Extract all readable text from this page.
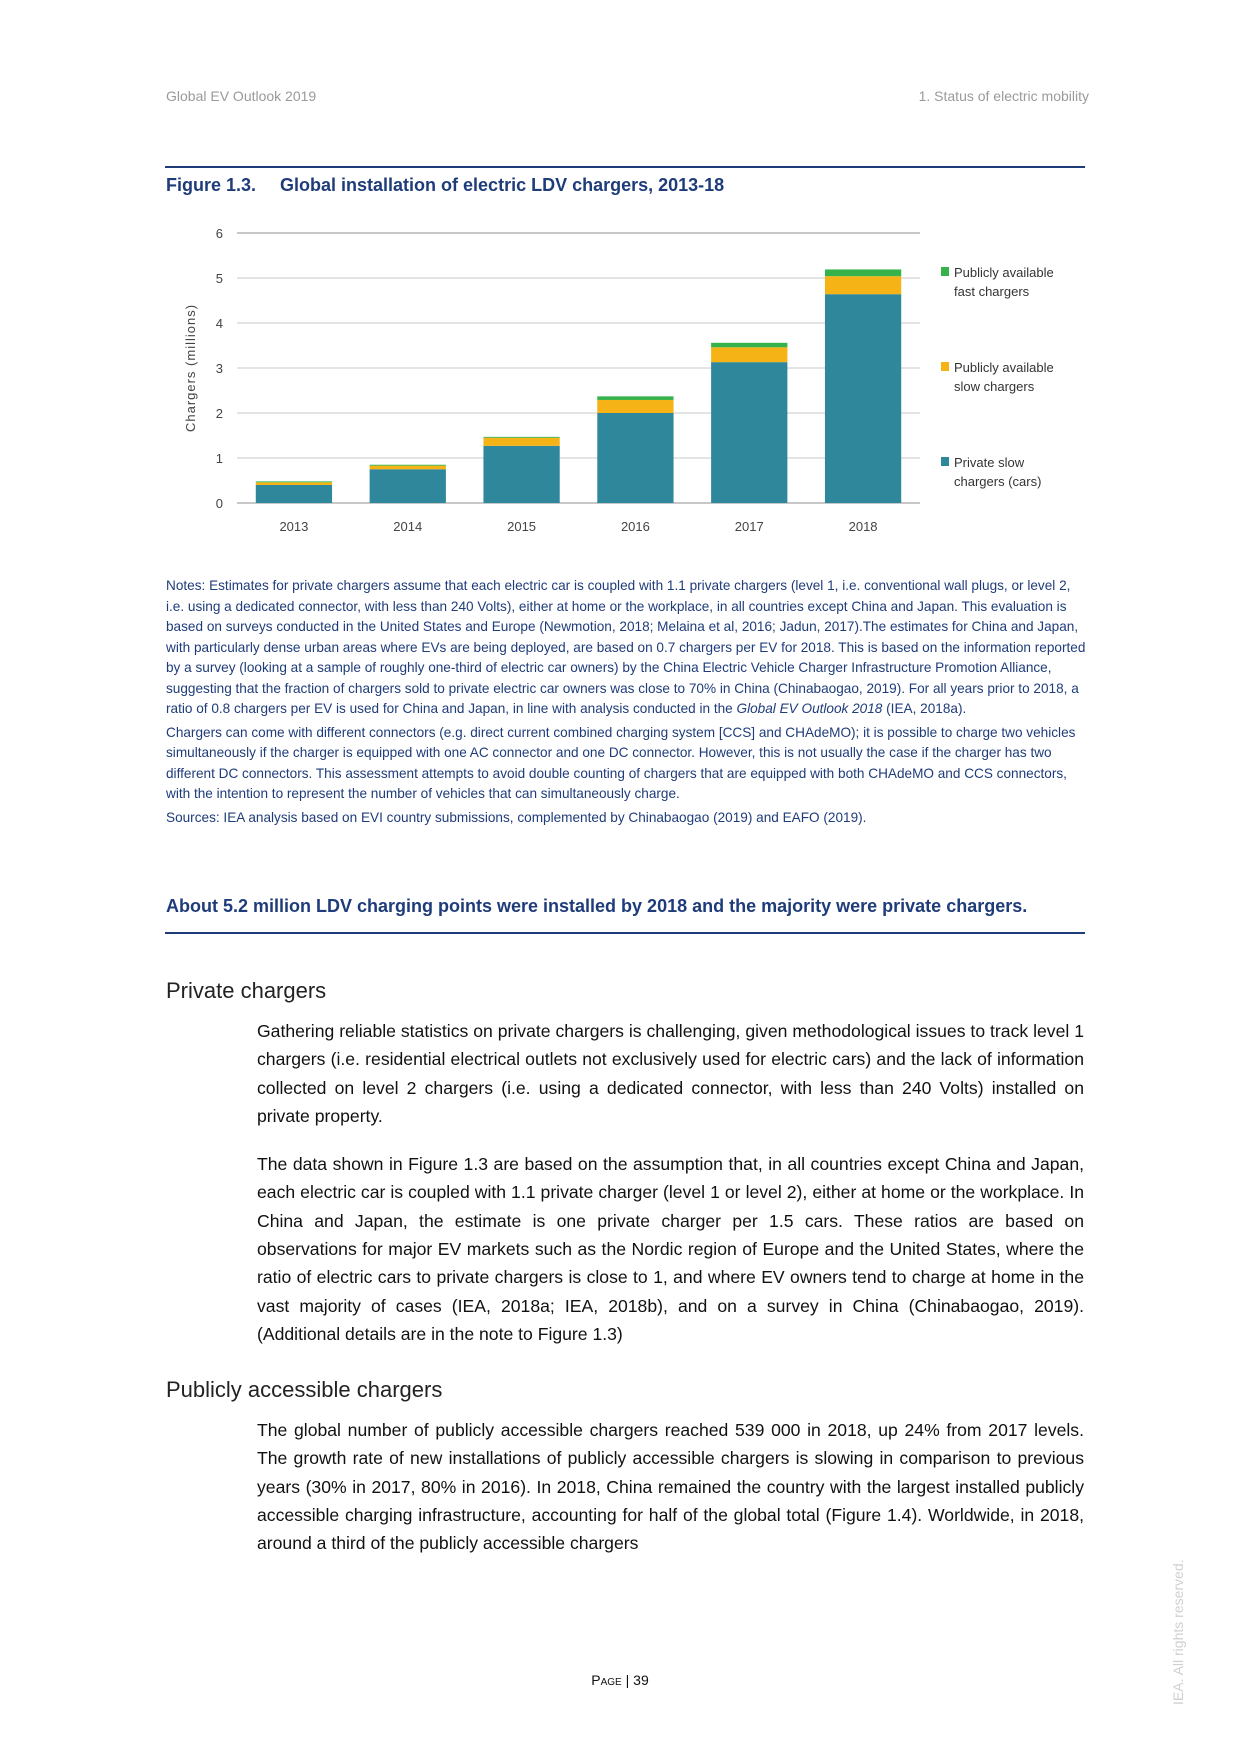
Global EV Outlook 2019	1. Status of electric mobility
Figure 1.3. Global installation of electric LDV chargers, 2013-18
0
1
2
3
4
5
6
Chargers (millions)
2013	2014	2015	2016	2017	2018
Publicly available fast chargers
Publicly available slow chargers
Private slow chargers (cars)

Notes: Estimates for private chargers assume that each electric car is coupled with 1.1 private chargers (level 1, i.e. conventional wall plugs, or level 2, i.e. using a dedicated connector, with less than 240 Volts), either at home or the workplace, in all countries except China and Japan. This evaluation is based on surveys conducted in the United States and Europe (Newmotion, 2018; Melaina et al, 2016; Jadun, 2017).The estimates for China and Japan, with particularly dense urban areas where EVs are being deployed, are based on 0.7 chargers per EV for 2018. This is based on the information reported by a survey (looking at a sample of roughly one-third of electric car owners) by the China Electric Vehicle Charger Infrastructure Promotion Alliance, suggesting that the fraction of chargers sold to private electric car owners was close to 70% in China (Chinabaogao, 2019). For all years prior to 2018, a ratio of 0.8 chargers per EV is used for China and Japan, in line with analysis conducted in the Global EV Outlook 2018 (IEA, 2018a).

Chargers can come with different connectors (e.g. direct current combined charging system [CCS] and CHAdeMO); it is possible to charge two vehicles simultaneously if the charger is equipped with one AC connector and one DC connector. However, this is not usually the case if the charger has two different DC connectors. This assessment attempts to avoid double counting of chargers that are equipped with both CHAdeMO and CCS connectors, with the intention to represent the number of vehicles that can simultaneously charge.

Sources: IEA analysis based on EVI country submissions, complemented by Chinabaogao (2019) and EAFO (2019).

About 5.2 million LDV charging points were installed by 2018 and the majority were private chargers.
Private chargers

Gathering reliable statistics on private chargers is challenging, given methodological issues to track level 1 chargers (i.e. residential electrical outlets not exclusively used for electric cars) and the lack of information collected on level 2 chargers (i.e. using a dedicated connector, with less than 240 Volts) installed on private property.

The data shown in Figure 1.3 are based on the assumption that, in all countries except China and Japan, each electric car is coupled with 1.1 private charger (level 1 or level 2), either at home or the workplace. In China and Japan, the estimate is one private charger per 1.5 cars. These ratios are based on observations for major EV markets such as the Nordic region of Europe and the United States, where the ratio of electric cars to private chargers is close to 1, and where EV owners tend to charge at home in the vast majority of cases (IEA, 2018a; IEA, 2018b), and on a survey in China (Chinabaogao, 2019). (Additional details are in the note to Figure 1.3)

Publicly accessible chargers

The global number of publicly accessible chargers reached 539 000 in 2018, up 24% from 2017 levels. The growth rate of new installations of publicly accessible chargers is slowing in comparison to previous years (30% in 2017, 80% in 2016). In 2018, China remained the country with the largest installed publicly accessible charging infrastructure, accounting for half of the global total (Figure 1.4). Worldwide, in 2018, around a third of the publicly accessible chargers

Page | 39	IEA. All rights reserved.
